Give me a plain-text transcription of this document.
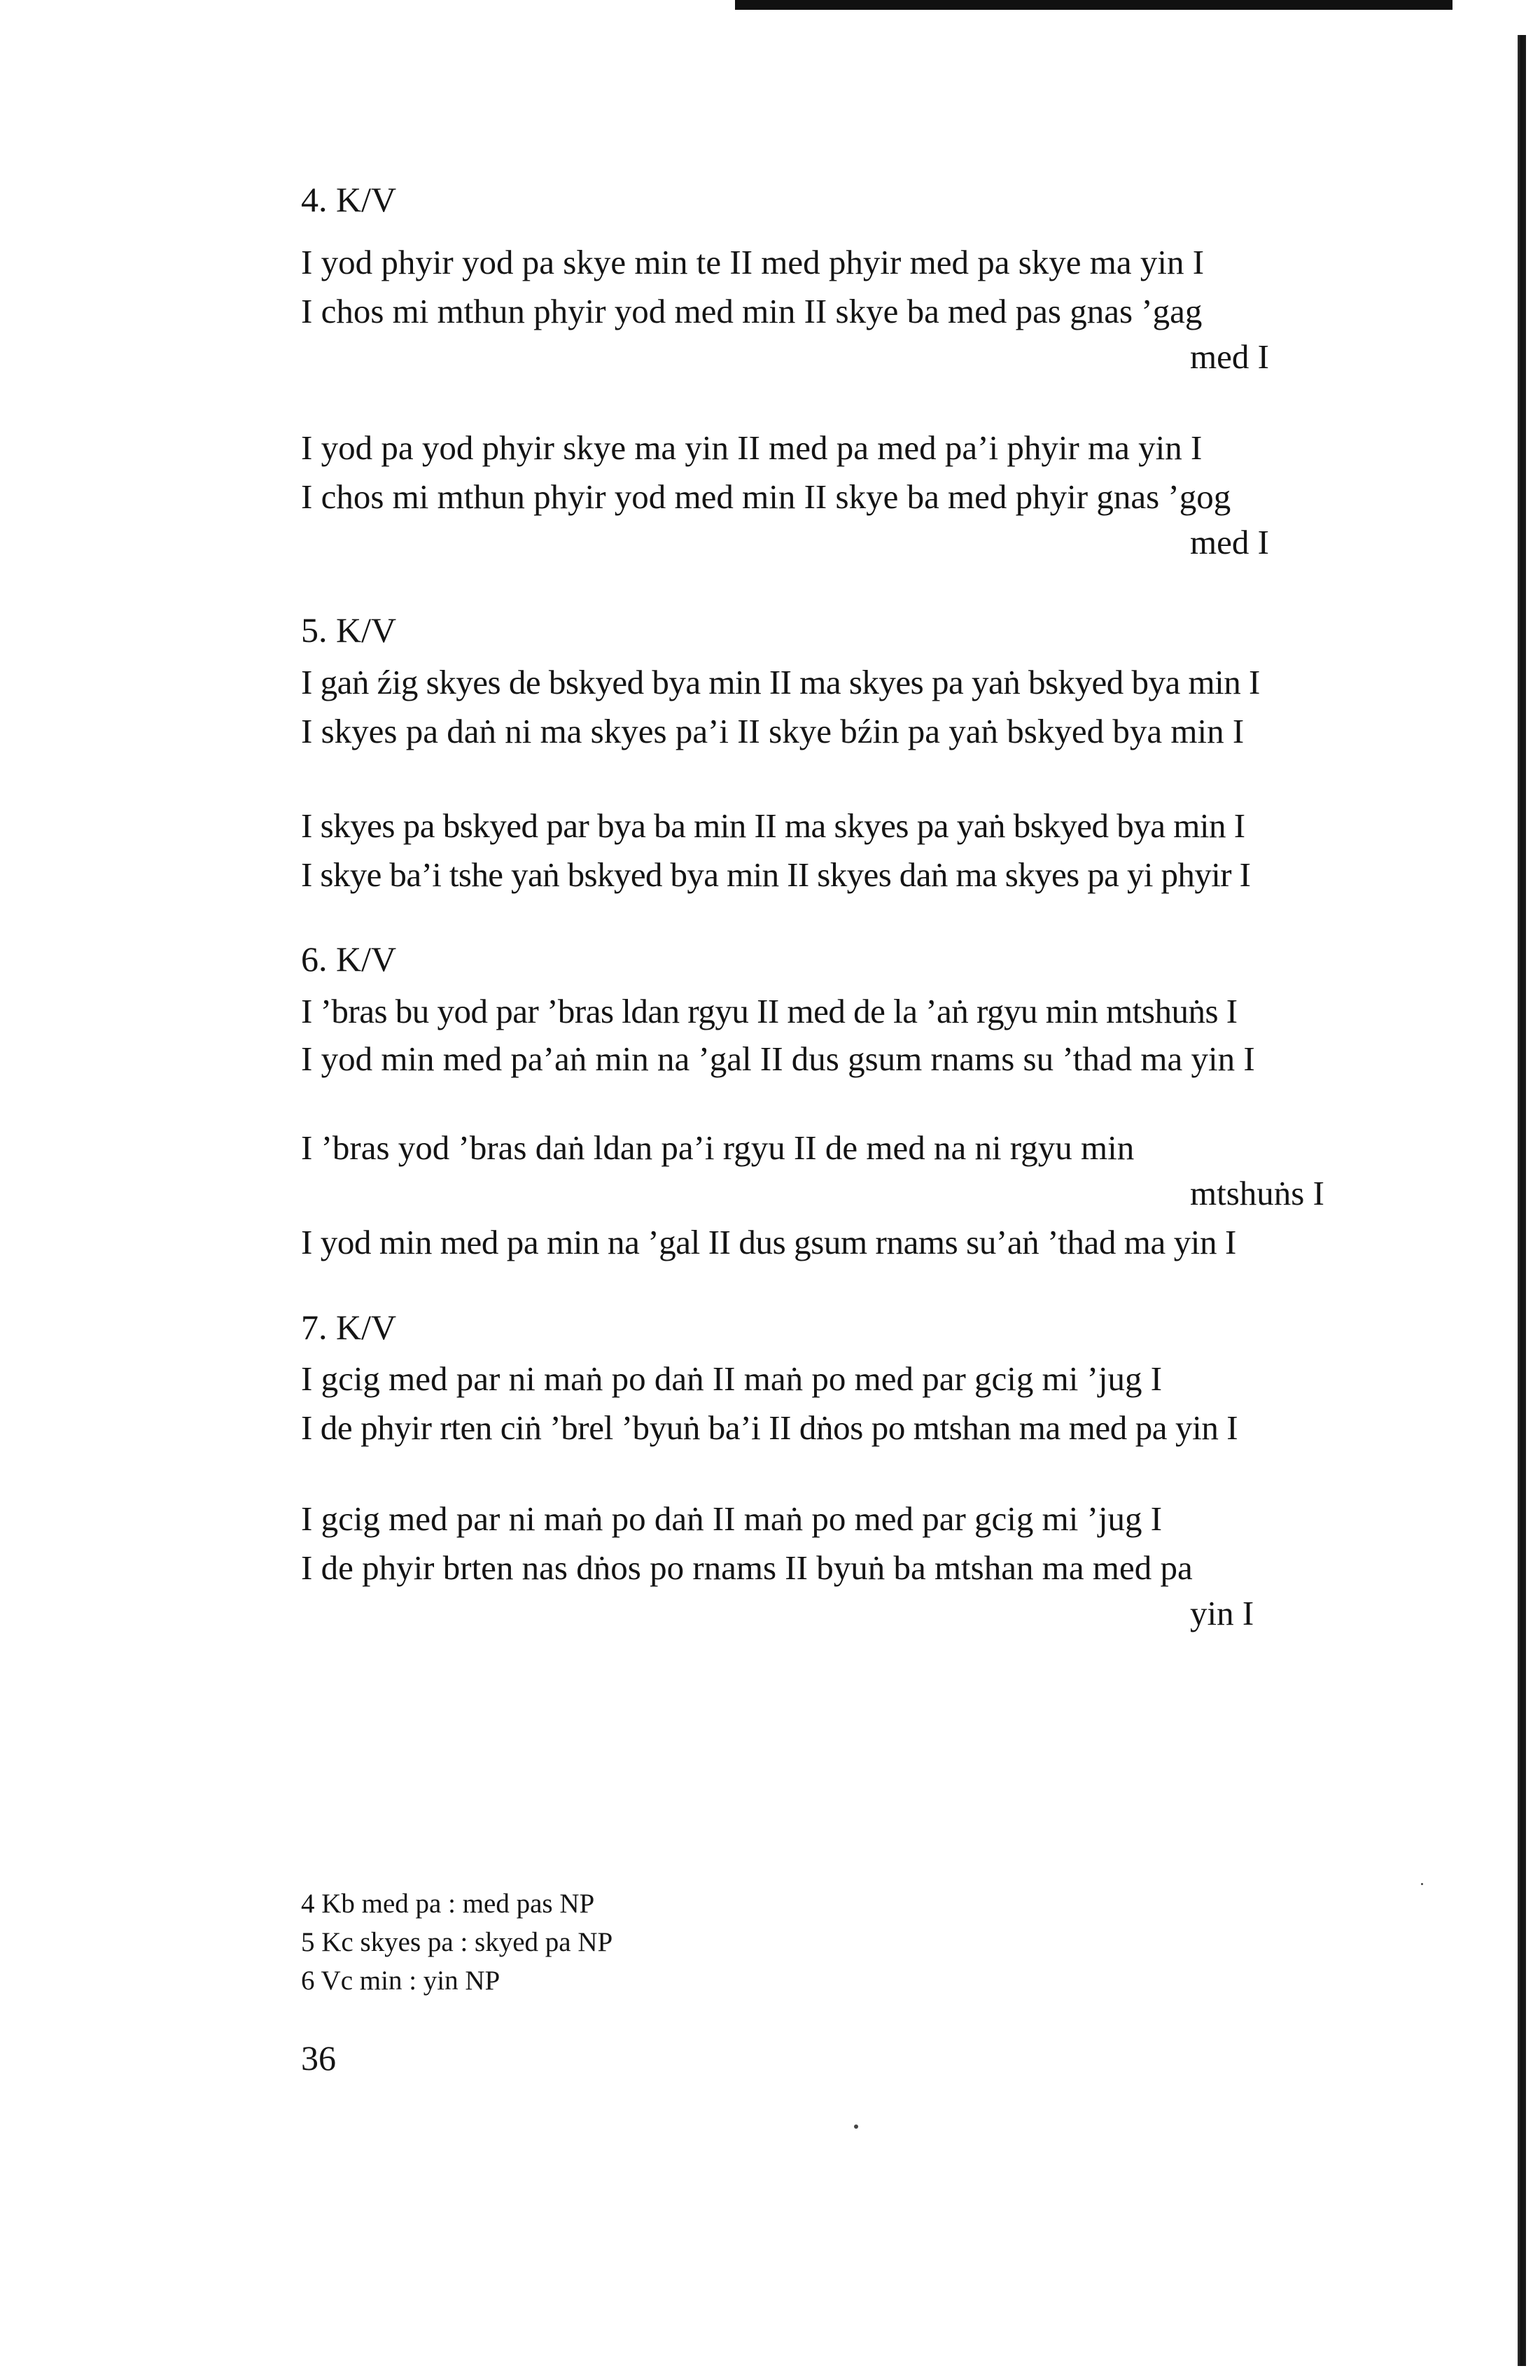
4. K/V
I yod phyir yod pa skye min te II med phyir med pa skye ma yin I
I chos mi mthun phyir yod med min II skye ba med pas gnas ’gag
med I
I yod pa yod phyir skye ma yin II med pa med pa’i phyir ma yin I
I chos mi mthun phyir yod med min II skye ba med phyir gnas ’gog
med I
5. K/V
I gaṅ źig skyes de bskyed bya min II ma skyes pa yaṅ bskyed bya min I
I skyes pa daṅ ni ma skyes pa’i II skye bźin pa yaṅ bskyed bya min I
I skyes pa bskyed par bya ba min II ma skyes pa yaṅ bskyed bya min I
I skye ba’i tshe yaṅ bskyed bya min II skyes daṅ ma skyes pa yi phyir I
6. K/V
I ’bras bu yod par ’bras ldan rgyu II med de la ’aṅ rgyu min mtshuṅs I
I yod min med pa’aṅ min na ’gal II dus gsum rnams su ’thad ma yin I
I ’bras yod ’bras daṅ ldan pa’i rgyu II de med na ni rgyu min
mtshuṅs I
I yod min med pa min na ’gal II dus gsum rnams su’aṅ ’thad ma yin I
7. K/V
I gcig med par ni maṅ po daṅ II maṅ po med par gcig mi ’jug I
I de phyir rten ciṅ ’brel ’byuṅ ba’i II dṅos po mtshan ma med pa yin I
I gcig med par ni maṅ po daṅ II maṅ po med par gcig mi ’jug I
I de phyir brten nas dṅos po rnams II byuṅ ba mtshan ma med pa
yin I
4 Kb med pa : med pas NP
5 Kc skyes pa : skyed pa NP
6 Vc min : yin NP
36
